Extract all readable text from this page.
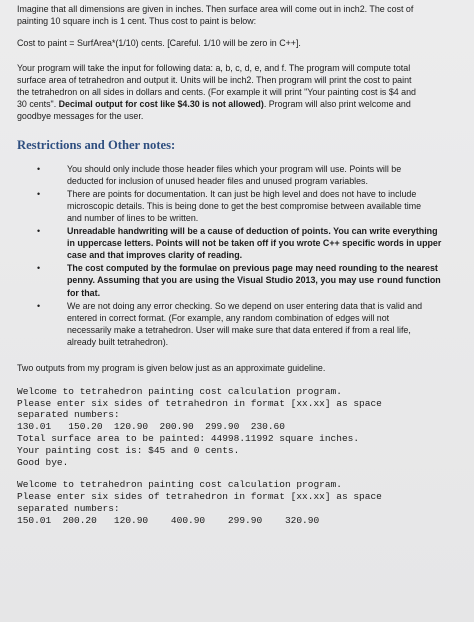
Imagine that all dimensions are given in inches. Then surface area will come out in inch2. The cost of
painting 10 square inch is 1 cent. Thus cost to paint is below:

Cost to paint = SurfArea*(1/10) cents. [Careful. 1/10 will be zero in C++].

Your program will take the input for following data: a, b, c, d, e, and f. The program will compute total
surface area of tetrahedron and output it. Units will be inch2. Then program will print the cost to paint
the tetrahedron on all sides in dollars and cents. (For example it will print "Your painting cost is $4 and
30 cents". Decimal output for cost like $4.30 is not allowed). Program will also print welcome and
goodbye messages for the user.

Restrictions and Other notes:
•	You should only include those header files which your program will use. Points will be
deducted for inclusion of unused header files and unused program variables.
•	There are points for documentation. It can just be high level and does not have to include
microscopic details. This is being done to get the best compromise between available time
and number of lines to be written.
•	Unreadable handwriting will be a cause of deduction of points. You can write everything
in uppercase letters. Points will not be taken off if you wrote C++ specific words in upper
case and that improves clarity of reading.
•	The cost computed by the formulae on previous page may need rounding to the nearest
penny. Assuming that you are using the Visual Studio 2013, you may use round function
for that.
•	We are not doing any error checking. So we depend on user entering data that is valid and
entered in correct format. (For example, any random combination of edges will not
necessarily make a tetrahedron. User will make sure that data entered if from a real life,
already built tetrahedron).

Two outputs from my program is given below just as an approximate guideline.

Welcome to tetrahedron painting cost calculation program.
Please enter six sides of tetrahedron in format [xx.xx] as space
separated numbers:
130.01   150.20  120.90  200.90  299.90  230.60
Total surface area to be painted: 44998.11992 square inches.
Your painting cost is: $45 and 0 cents.
Good bye.
Welcome to tetrahedron painting cost calculation program.
Please enter six sides of tetrahedron in format [xx.xx] as space
separated numbers:
150.01  200.20   120.90    400.90    299.90    320.90
